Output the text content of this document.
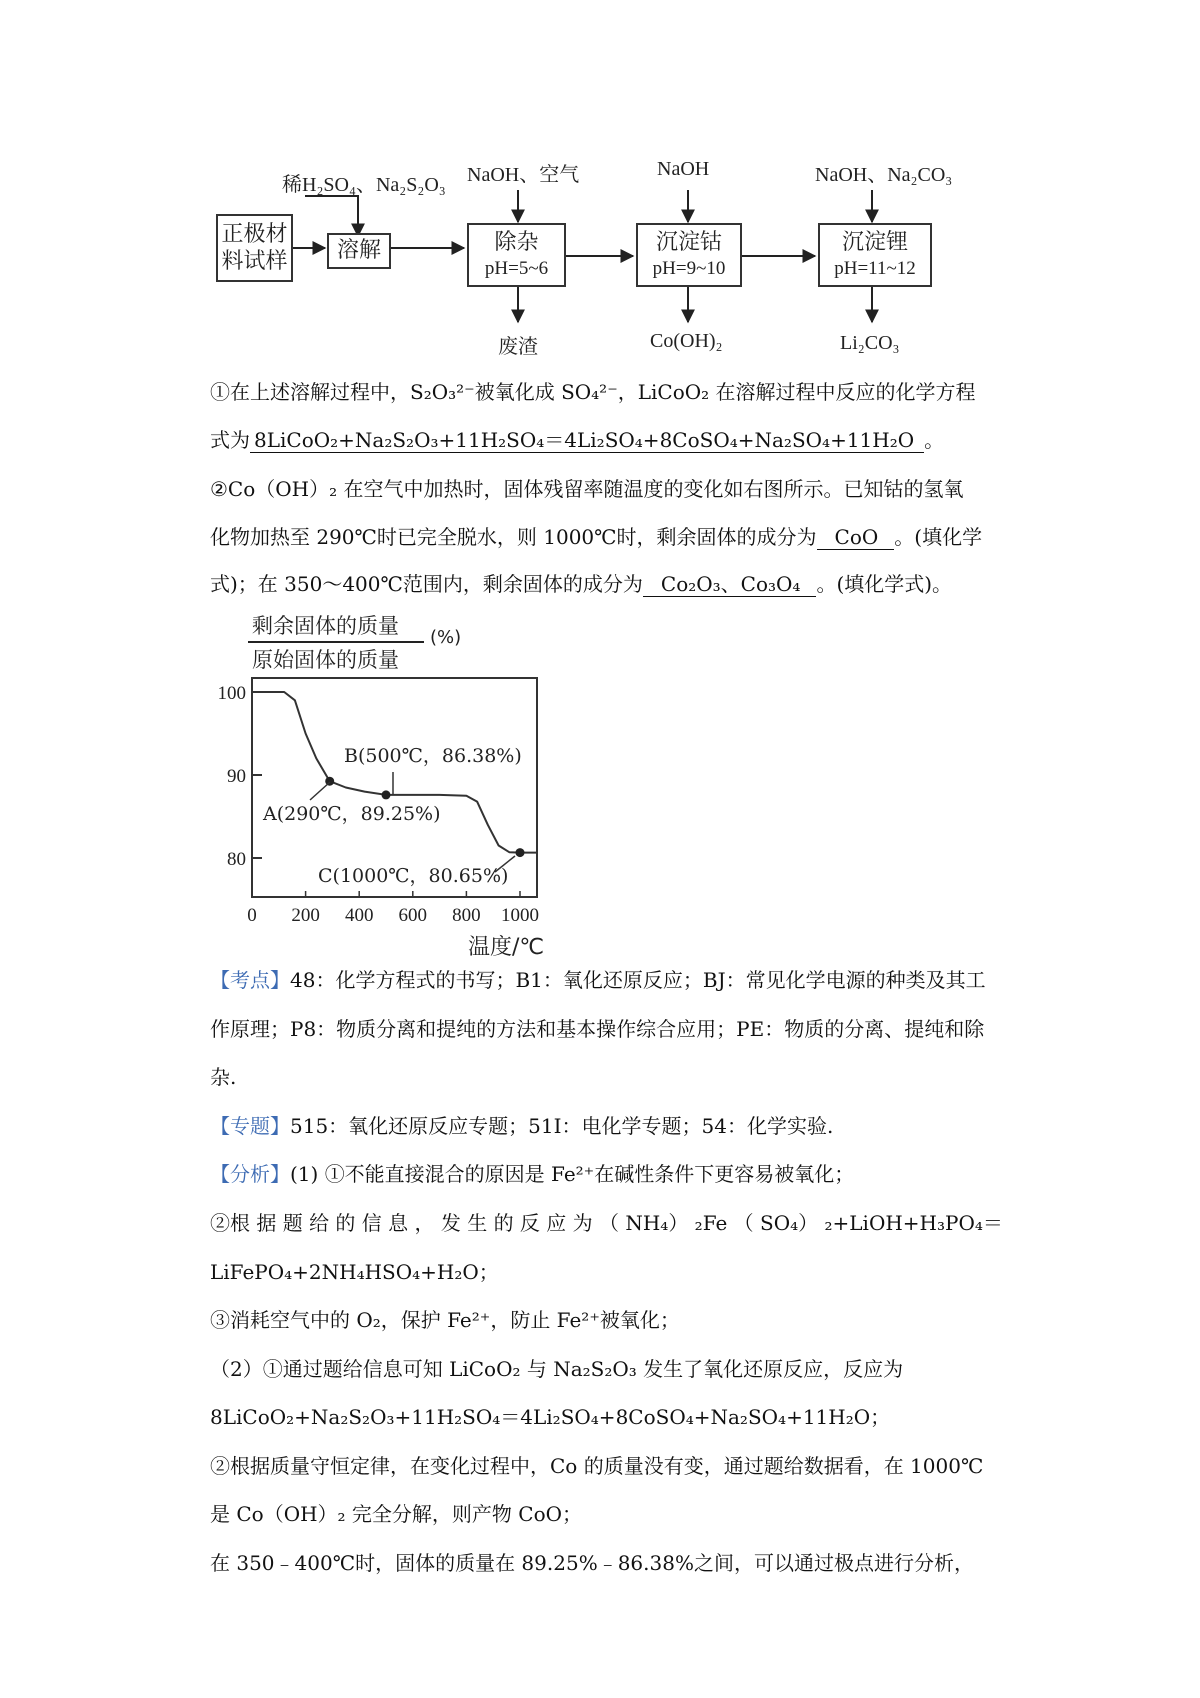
稀H₂SO₄、Na₂S₂O₃ NaOH、空气	NaOH	NaOH、Na₂CO₃
正极材
料试样 溶解	除杂
pH=5~6
沉淀钴
pH=9~10
沉淀锂
pH=11~12
废渣	Co(OH)₂	Li₂CO₃
①在上述溶解过程中，S₂O₃²⁻被氧化成 SO₄²⁻，LiCoO₂ 在溶解过程中反应的化学方程
式为 8LiCoO₂+Na₂S₂O₃+11H₂SO₄＝4Li₂SO₄+8CoSO₄+Na₂SO₄+11H₂O 。
②Co（OH）₂ 在空气中加热时，固体残留率随温度的变化如右图所示。已知钴的氢氧
化物加热至 290℃时已完全脱水，则 1000℃时，剩余固体的成分为 CoO 。(填化学
式)；在 350～400℃范围内，剩余固体的成分为 Co₂O₃、Co₃O₄ 。(填化学式)。
剩余固体的质量
原始固体的质量
(%)
80
90
100
0 200 400 600 800 1000
A(290℃，89.25%)
B(500℃，86.38%)
C(1000℃，80.65%)
温度/℃
【考点】48：化学方程式的书写；B1：氧化还原反应；BJ：常见化学电源的种类及其工
作原理；P8：物质分离和提纯的方法和基本操作综合应用；PE：物质的分离、提纯和除
杂.
【专题】515：氧化还原反应专题；51I：电化学专题；54：化学实验.
【分析】(1) ①不能直接混合的原因是 Fe²⁺在碱性条件下更容易被氧化；
②根 据 题 给 的 信 息 ， 发 生 的 反 应 为 （ NH₄） ₂Fe （ SO₄） ₂+LiOH+H₃PO₄＝
LiFePO₄+2NH₄HSO₄+H₂O；
③消耗空气中的 O₂，保护 Fe²⁺，防止 Fe²⁺被氧化；
（2）①通过题给信息可知 LiCoO₂ 与 Na₂S₂O₃ 发生了氧化还原反应，反应为
8LiCoO₂+Na₂S₂O₃+11H₂SO₄＝4Li₂SO₄+8CoSO₄+Na₂SO₄+11H₂O；
②根据质量守恒定律，在变化过程中，Co 的质量没有变，通过题给数据看，在 1000℃
是 Co（OH）₂ 完全分解，则产物 CoO；
在 350﹣400℃时，固体的质量在 89.25%﹣86.38%之间，可以通过极点进行分析，
